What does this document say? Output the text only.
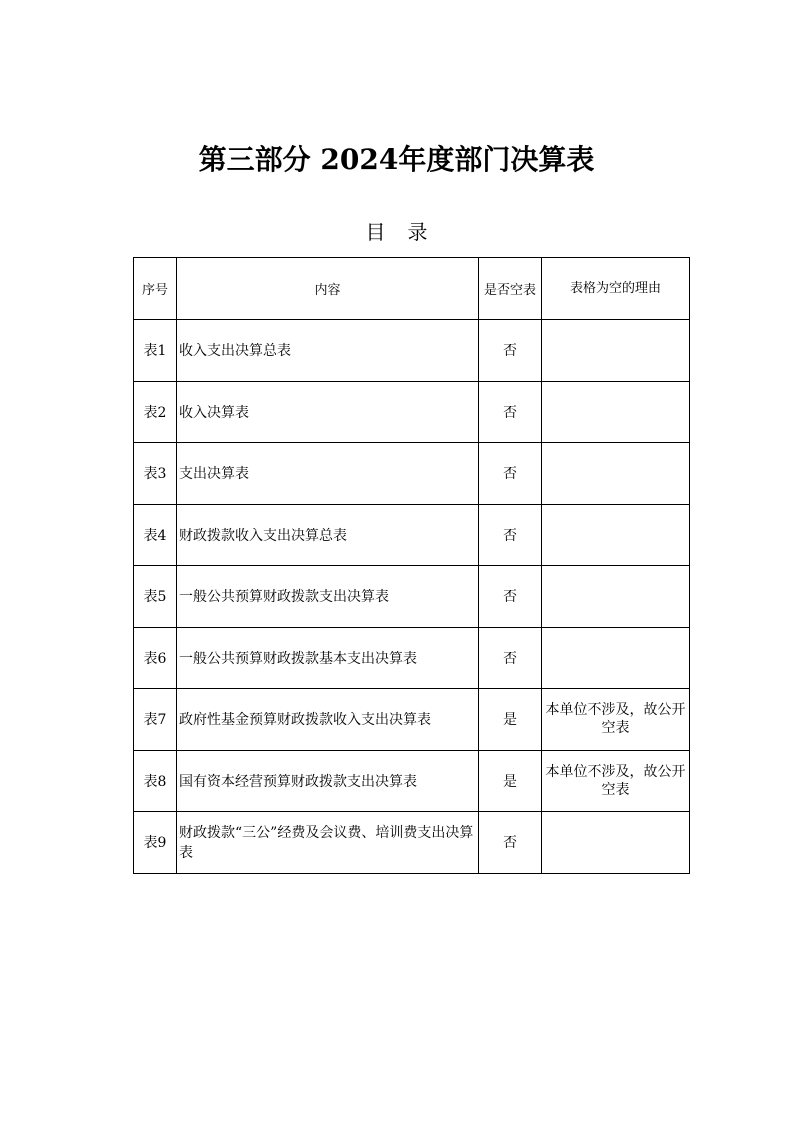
第三部分 2024年度部门决算表
目录
序号	内容	是否空表	表格为空的理由
表1	收入支出决算总表	否	
表2	收入决算表	否	
表3	支出决算表	否	
表4	财政拨款收入支出决算总表	否	
表5	一般公共预算财政拨款支出决算表	否	
表6	一般公共预算财政拨款基本支出决算表	否	
表7	政府性基金预算财政拨款收入支出决算表	是	本单位不涉及，故公开空表
表8	国有资本经营预算财政拨款支出决算表	是	本单位不涉及，故公开空表
表9	财政拨款“三公”经费及会议费、培训费支出决算表	否	
